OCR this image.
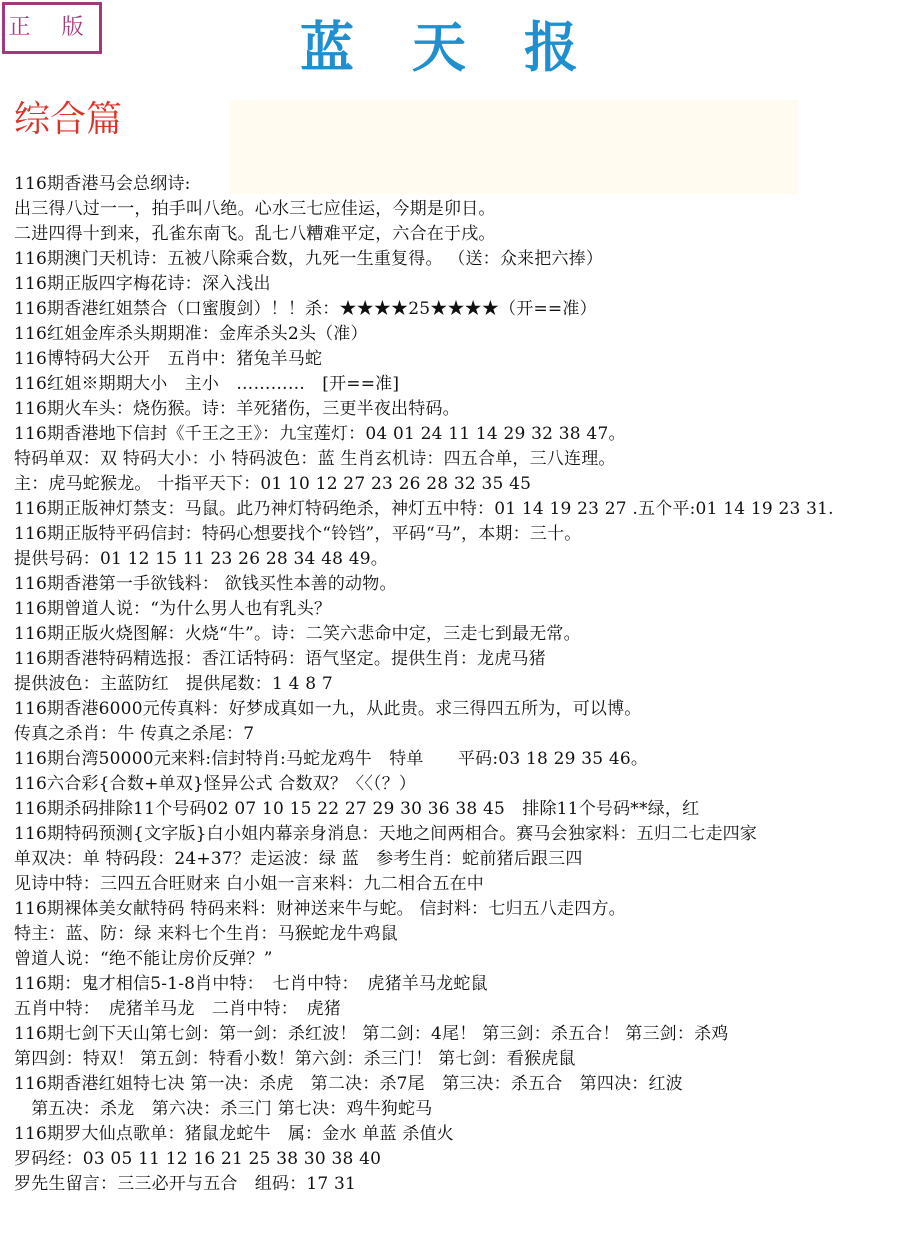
正 版	蓝天报
综合篇
116期香港马会总纲诗:
出三得八过一一，拍手叫八绝。心水三七应佳运，今期是卯日。
二进四得十到来，孔雀东南飞。乱七八糟难平定，六合在于戌。
116期澳门天机诗：五被八除乘合数，九死一生重复得。 （送：众来把六捧）
116期正版四字梅花诗：深入浅出
116期香港红姐禁合（口蜜腹剑）！！杀：★★★★25★★★★（开==准）
116红姐金库杀头期期准：金库杀头2头（准）
116博特码大公开　五肖中：猪兔羊马蛇
116红姐※期期大小　主小　…………　[开==准]
116期火车头：烧伤猴。诗：羊死猪伤，三更半夜出特码。
116期香港地下信封《千王之王》：九宝莲灯：04 01 24 11 14 29 32 38 47。
特码单双：双 特码大小：小 特码波色：蓝 生肖玄机诗：四五合单，三八连理。
主：虎马蛇猴龙。 十指平天下：01 10 12 27 23 26 28 32 35 45
116期正版神灯禁支：马鼠。此乃神灯特码绝杀，神灯五中特：01 14 19 23 27 .五个平:01 14 19 23 31.
116期正版特平码信封：特码心想要找个“铃铛”，平码“马”，本期：三十。
提供号码：01 12 15 11 23 26 28 34 48 49。
116期香港第一手欲钱料： 欲钱买性本善的动物。
116期曾道人说：“为什么男人也有乳头？
116期正版火烧图解：火烧“牛”。诗：二笑六悲命中定，三走七到最无常。
116期香港特码精选报：香江话特码：语气坚定。提供生肖：龙虎马猪
提供波色：主蓝防红　提供尾数：1 4 8 7
116期香港6000元传真料：好梦成真如一九，从此贵。求三得四五所为，可以博。
传真之杀肖：牛 传真之杀尾：7
116期台湾50000元来料:信封特肖:马蛇龙鸡牛　特单　　平码:03 18 29 35 46。
116六合彩{合数+单双}怪异公式 合数双？〈〈（？）
116期杀码排除11个号码02 07 10 15 22 27 29 30 36 38 45　排除11个号码**绿，红
116期特码预测{文字版}白小姐内幕亲身消息：天地之间两相合。赛马会独家料：五归二七走四家
单双决：单 特码段：24+37？走运波：绿 蓝　参考生肖：蛇前猪后跟三四
见诗中特：三四五合旺财来 白小姐一言来料：九二相合五在中
116期裸体美女献特码 特码来料：财神送来牛与蛇。 信封料：七归五八走四方。
特主：蓝、防：绿 来料七个生肖：马猴蛇龙牛鸡鼠
曾道人说：“绝不能让房价反弹？”
116期：鬼才相信5-1-8肖中特：　七肖中特：　虎猪羊马龙蛇鼠
五肖中特：　虎猪羊马龙　二肖中特：　虎猪
116期七剑下天山第七剑：第一剑：杀红波！ 第二剑：4尾！ 第三剑：杀五合！ 第三剑：杀鸡
第四剑：特双！ 第五剑：特看小数！第六剑：杀三门！ 第七剑：看猴虎鼠
116期香港红姐特七决 第一决：杀虎　第二决：杀7尾　第三决：杀五合　第四决：红波
　第五决：杀龙　第六决：杀三门 第七决：鸡牛狗蛇马
116期罗大仙点歌单：猪鼠龙蛇牛　属：金水 单蓝 杀值火
罗码经：03 05 11 12 16 21 25 38 30 38 40
罗先生留言：三三必开与五合　组码：17 31
